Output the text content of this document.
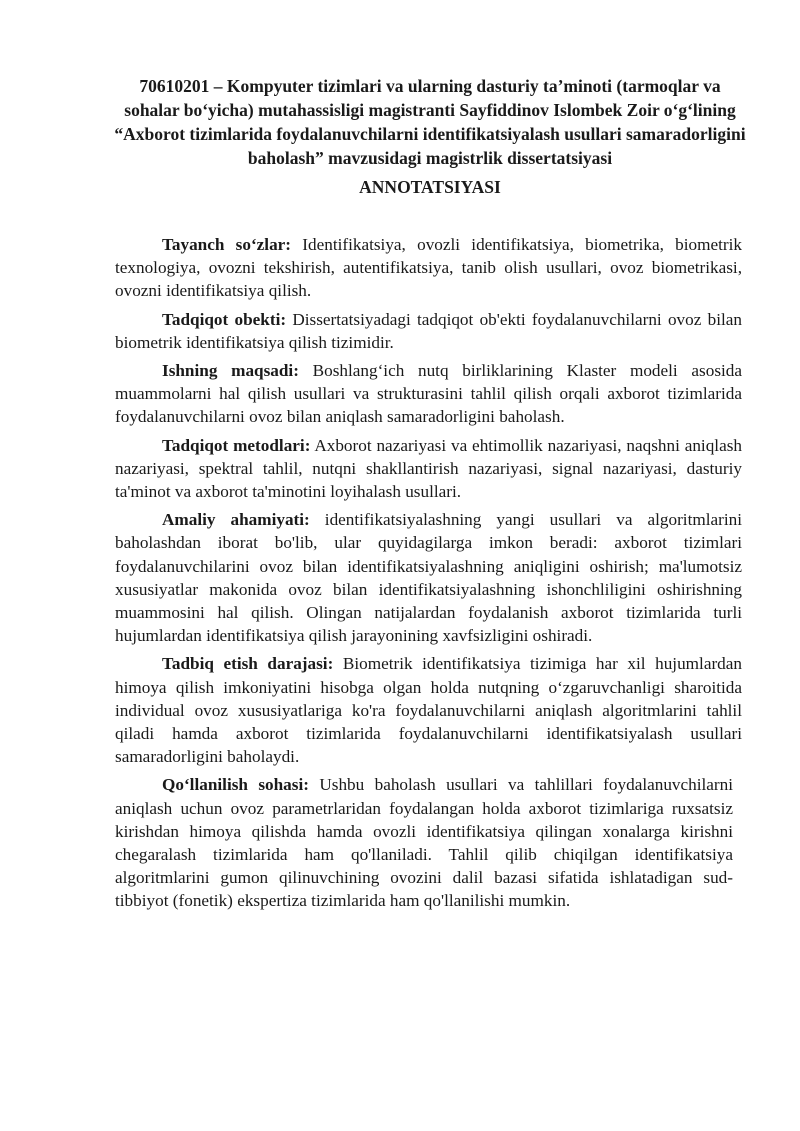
70610201 – Kompyuter tizimlari va ularning dasturiy ta’minoti (tarmoqlar va sohalar bo‘yicha) mutahassisligi magistranti Sayfiddinov Islombek Zoir o‘g‘lining “Axborot tizimlarida foydalanuvchilarni identifikatsiyalash usullari samaradorligini baholash” mavzusidagi magistrlik dissertatsiyasi
ANNOTATSIYASI

Tayanch so‘zlar: Identifikatsiya, ovozli identifikatsiya, biometrika, biometrik texnologiya, ovozni tekshirish, autentifikatsiya, tanib olish usullari, ovoz biometrikasi, ovozni identifikatsiya qilish.

Tadqiqot obekti: Dissertatsiyadagi tadqiqot ob'ekti foydalanuvchilarni ovoz bilan biometrik identifikatsiya qilish tizimidir.

Ishning maqsadi: Boshlang‘ich nutq birliklarining Klaster modeli asosida muammolarni hal qilish usullari va strukturasini tahlil qilish orqali axborot tizimlarida foydalanuvchilarni ovoz bilan aniqlash samaradorligini baholash.

Tadqiqot metodlari: Axborot nazariyasi va ehtimollik nazariyasi, naqshni aniqlash nazariyasi, spektral tahlil, nutqni shakllantirish nazariyasi, signal nazariyasi, dasturiy ta'minot va axborot ta'minotini loyihalash usullari.

Amaliy ahamiyati: identifikatsiyalashning yangi usullari va algoritmlarini baholashdan iborat bo'lib, ular quyidagilarga imkon beradi: axborot tizimlari foydalanuvchilarini ovoz bilan identifikatsiyalashning aniqligini oshirish; ma'lumotsiz xususiyatlar makonida ovoz bilan identifikatsiyalashning ishonchliligini oshirishning muammosini hal qilish. Olingan natijalardan foydalanish axborot tizimlarida turli hujumlardan identifikatsiya qilish jarayonining xavfsizligini oshiradi.

Tadbiq etish darajasi: Biometrik identifikatsiya tizimiga har xil hujumlardan himoya qilish imkoniyatini hisobga olgan holda nutqning o‘zgaruvchanligi sharoitida individual ovoz xususiyatlariga ko'ra foydalanuvchilarni aniqlash algoritmlarini tahlil qiladi hamda axborot tizimlarida foydalanuvchilarni identifikatsiyalash usullari samaradorligini baholaydi.

Qo‘llanilish sohasi: Ushbu baholash usullari va tahlillari foydalanuvchilarni aniqlash uchun ovoz parametrlaridan foydalangan holda axborot tizimlariga ruxsatsiz kirishdan himoya qilishda hamda ovozli identifikatsiya qilingan xonalarga kirishni chegaralash tizimlarida ham qo'llaniladi. Tahlil qilib chiqilgan identifikatsiya algoritmlarini gumon qilinuvchining ovozini dalil bazasi sifatida ishlatadigan sud-tibbiyot (fonetik) ekspertiza tizimlarida ham qo'llanilishi mumkin.
